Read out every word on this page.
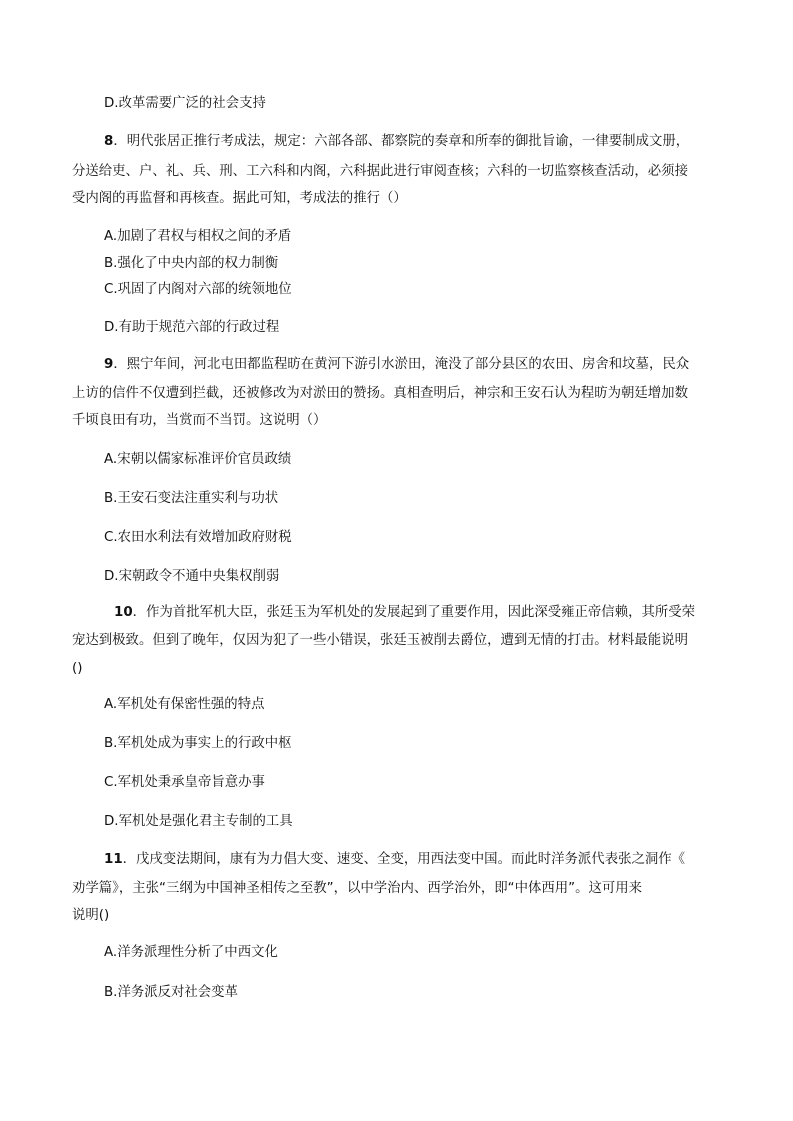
D.改革需要广泛的社会支持
8．明代张居正推行考成法，规定：六部各部、都察院的奏章和所奉的御批旨谕，一律要制成文册，
分送给吏、户、礼、兵、刑、工六科和内阁，六科据此进行审阅查核；六科的一切监察核查活动，必须接
受内阁的再监督和再核查。据此可知，考成法的推行（）
A.加剧了君权与相权之间的矛盾
B.强化了中央内部的权力制衡
C.巩固了内阁对六部的统领地位
D.有助于规范六部的行政过程
9．熙宁年间，河北屯田都监程昉在黄河下游引水淤田，淹没了部分县区的农田、房舍和坟墓，民众
上访的信件不仅遭到拦截，还被修改为对淤田的赞扬。真相查明后，神宗和王安石认为程昉为朝廷增加数
千顷良田有功，当赏而不当罚。这说明（）
A.宋朝以儒家标准评价官员政绩
B.王安石变法注重实利与功状
C.农田水利法有效增加政府财税
D.宋朝政令不通中央集权削弱
10．作为首批军机大臣，张廷玉为军机处的发展起到了重要作用，因此深受雍正帝信赖，其所受荣
宠达到极致。但到了晚年，仅因为犯了一些小错误，张廷玉被削去爵位，遭到无情的打击。材料最能说明
()
A.军机处有保密性强的特点
B.军机处成为事实上的行政中枢
C.军机处秉承皇帝旨意办事
D.军机处是强化君主专制的工具
11．戊戌变法期间，康有为力倡大变、速变、全变，用西法变中国。而此时洋务派代表张之洞作《
劝学篇》，主张“三纲为中国神圣相传之至教”，以中学治内、西学治外，即“中体西用”。这可用来
说明()
A.洋务派理性分析了中西文化
B.洋务派反对社会变革
